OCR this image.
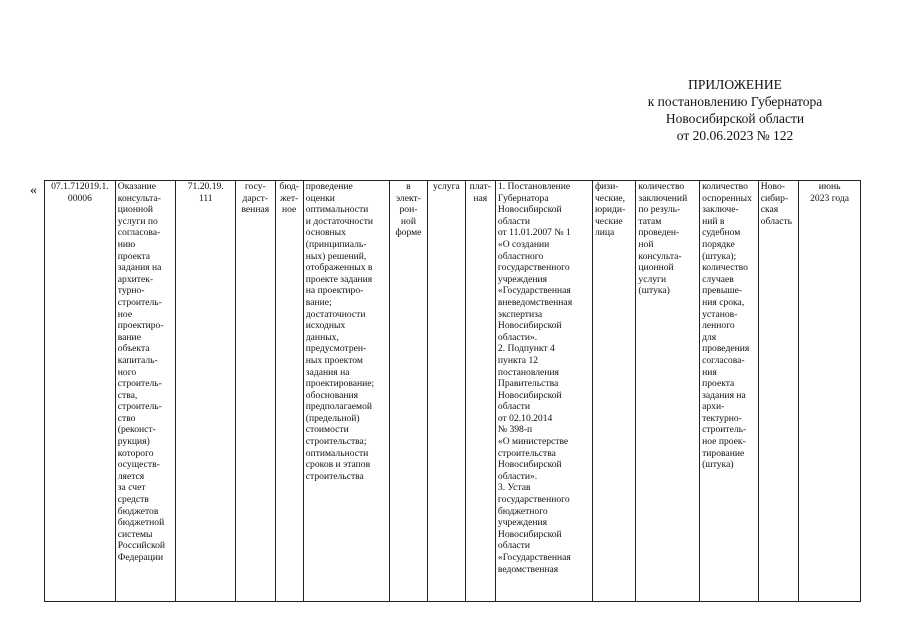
ПРИЛОЖЕНИЕ
к постановлению Губернатора
Новосибирской области
от 20.06.2023 № 122
«	07.1.712019.1.
00006

Оказание
консульта-
ционной
услуги по
согласова-
нию
проекта
задания на
архитек-
турно-
строитель-
ное
проектиро-
вание
объекта
капиталь-
ного
строитель-
ства,
строитель-
ство
(реконст-
рукция)
которого
осуществ-
ляется
за счет
средств
бюджетов
бюджетной
системы
Российской
Федерации

71.20.19.
111

госу-
дарст-
венная

бюд-
жет-
ное

проведение
оценки
оптимальности
и достаточности
основных
(принципиаль-
ных) решений,
отображенных в
проекте задания
на проектиро-
вание;
достаточности
исходных
данных,
предусмотрен-
ных проектом
задания на
проектирование;
обоснования
предполагаемой
(предельной)
стоимости
строительства;
оптимальности
сроков и этапов
строительства

в
элект-
рон-
ной
форме

услуга	плат-
ная

1. Постановление
Губернатора
Новосибирской
области
от 11.01.2007 № 1
«О создании
областного
государственного
учреждения
«Государственная
вневедомственная
экспертиза
Новосибирской
области».
2. Подпункт 4
пункта 12
постановления
Правительства
Новосибирской
области
от 02.10.2014
№ 398-п
«О министерстве
строительства
Новосибирской
области».
3. Устав
государственного
бюджетного
учреждения
Новосибирской
области
«Государственная
ведомственная

физи-
ческие,
юриди-
ческие
лица

количество
заключений
по резуль-
татам
проведен-
ной
консульта-
ционной
услуги
(штука)

количество
оспоренных
заключе-
ний в
судебном
порядке
(штука);
количество
случаев
превыше-
ния срока,
установ-
ленного
для
проведения
согласова-
ния
проекта
задания на
архи-
тектурно-
строитель-
ное проек-
тирование
(штука)

Ново-
сибир-
ская
область

июнь
2023 года
